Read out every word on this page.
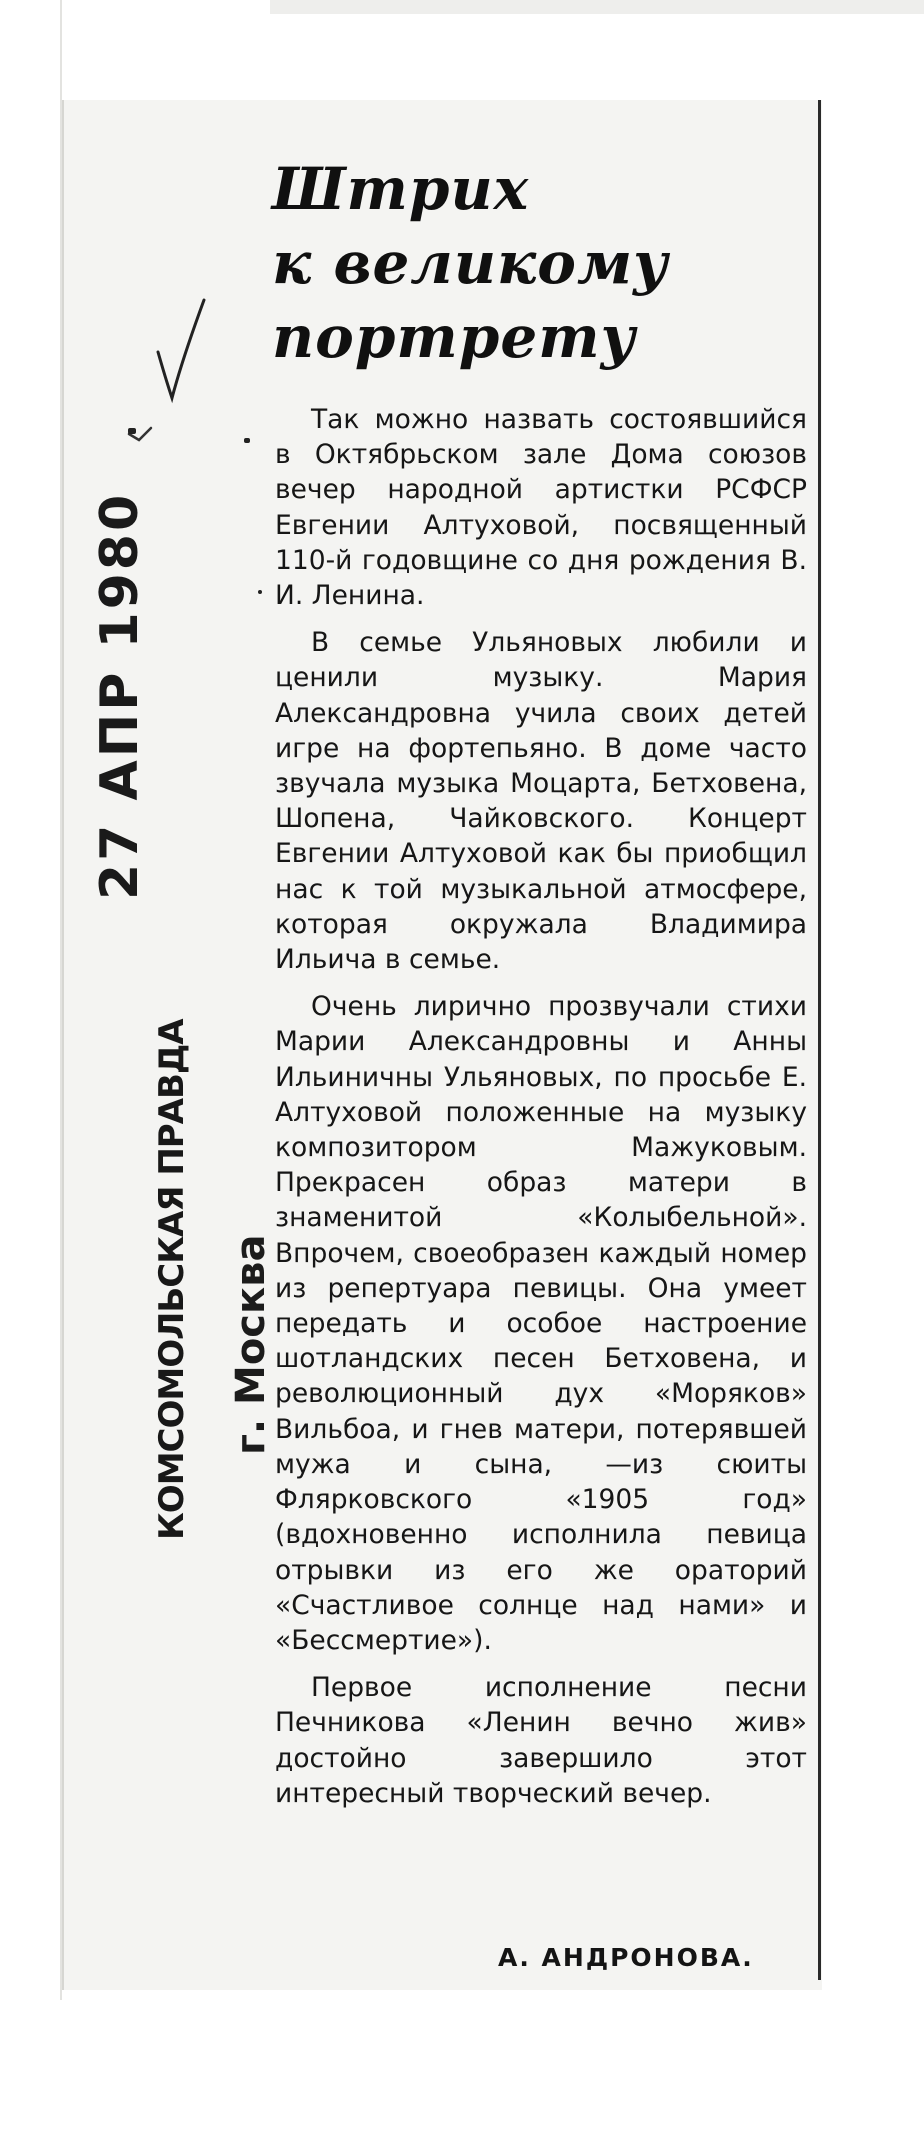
Штрих
к великому
портрету

Так можно назвать состоявшийся в Октябрьском зале Дома союзов вечер народной артистки РСФСР Евгении Алтуховой, посвященный 110-й годовщине со дня рождения В. И. Ленина.

В семье Ульяновых любили и ценили музыку. Мария Александровна учила своих детей игре на фортепьяно. В доме часто звучала музыка Моцарта, Бетховена, Шопена, Чайковского. Концерт Евгении Алтуховой как бы приобщил нас к той музыкальной атмосфере, которая окружала Владимира Ильича в семье.

Очень лирично прозвучали стихи Марии Александровны и Анны Ильиничны Ульяновых, по просьбе Е. Алтуховой положенные на музыку композитором Мажуковым. Прекрасен образ матери в знаменитой «Колыбельной». Впрочем, своеобразен каждый номер из репертуара певицы. Она умеет передать и особое настроение шотландских песен Бетховена, и революционный дух «Моряков» Вильбоа, и гнев матери, потерявшей мужа и сына, —из сюиты Флярковского «1905 год» (вдохновенно исполнила певица отрывки из его же ораторий «Счастливое солнце над нами» и «Бессмертие»).

Первое исполнение песни Печникова «Ленин вечно жив» достойно завершило этот интересный творческий вечер.

А. АНДРОНОВА.
27 АПР 1980
КОМСОМОЛЬСКАЯ ПРАВДА г. Москва
